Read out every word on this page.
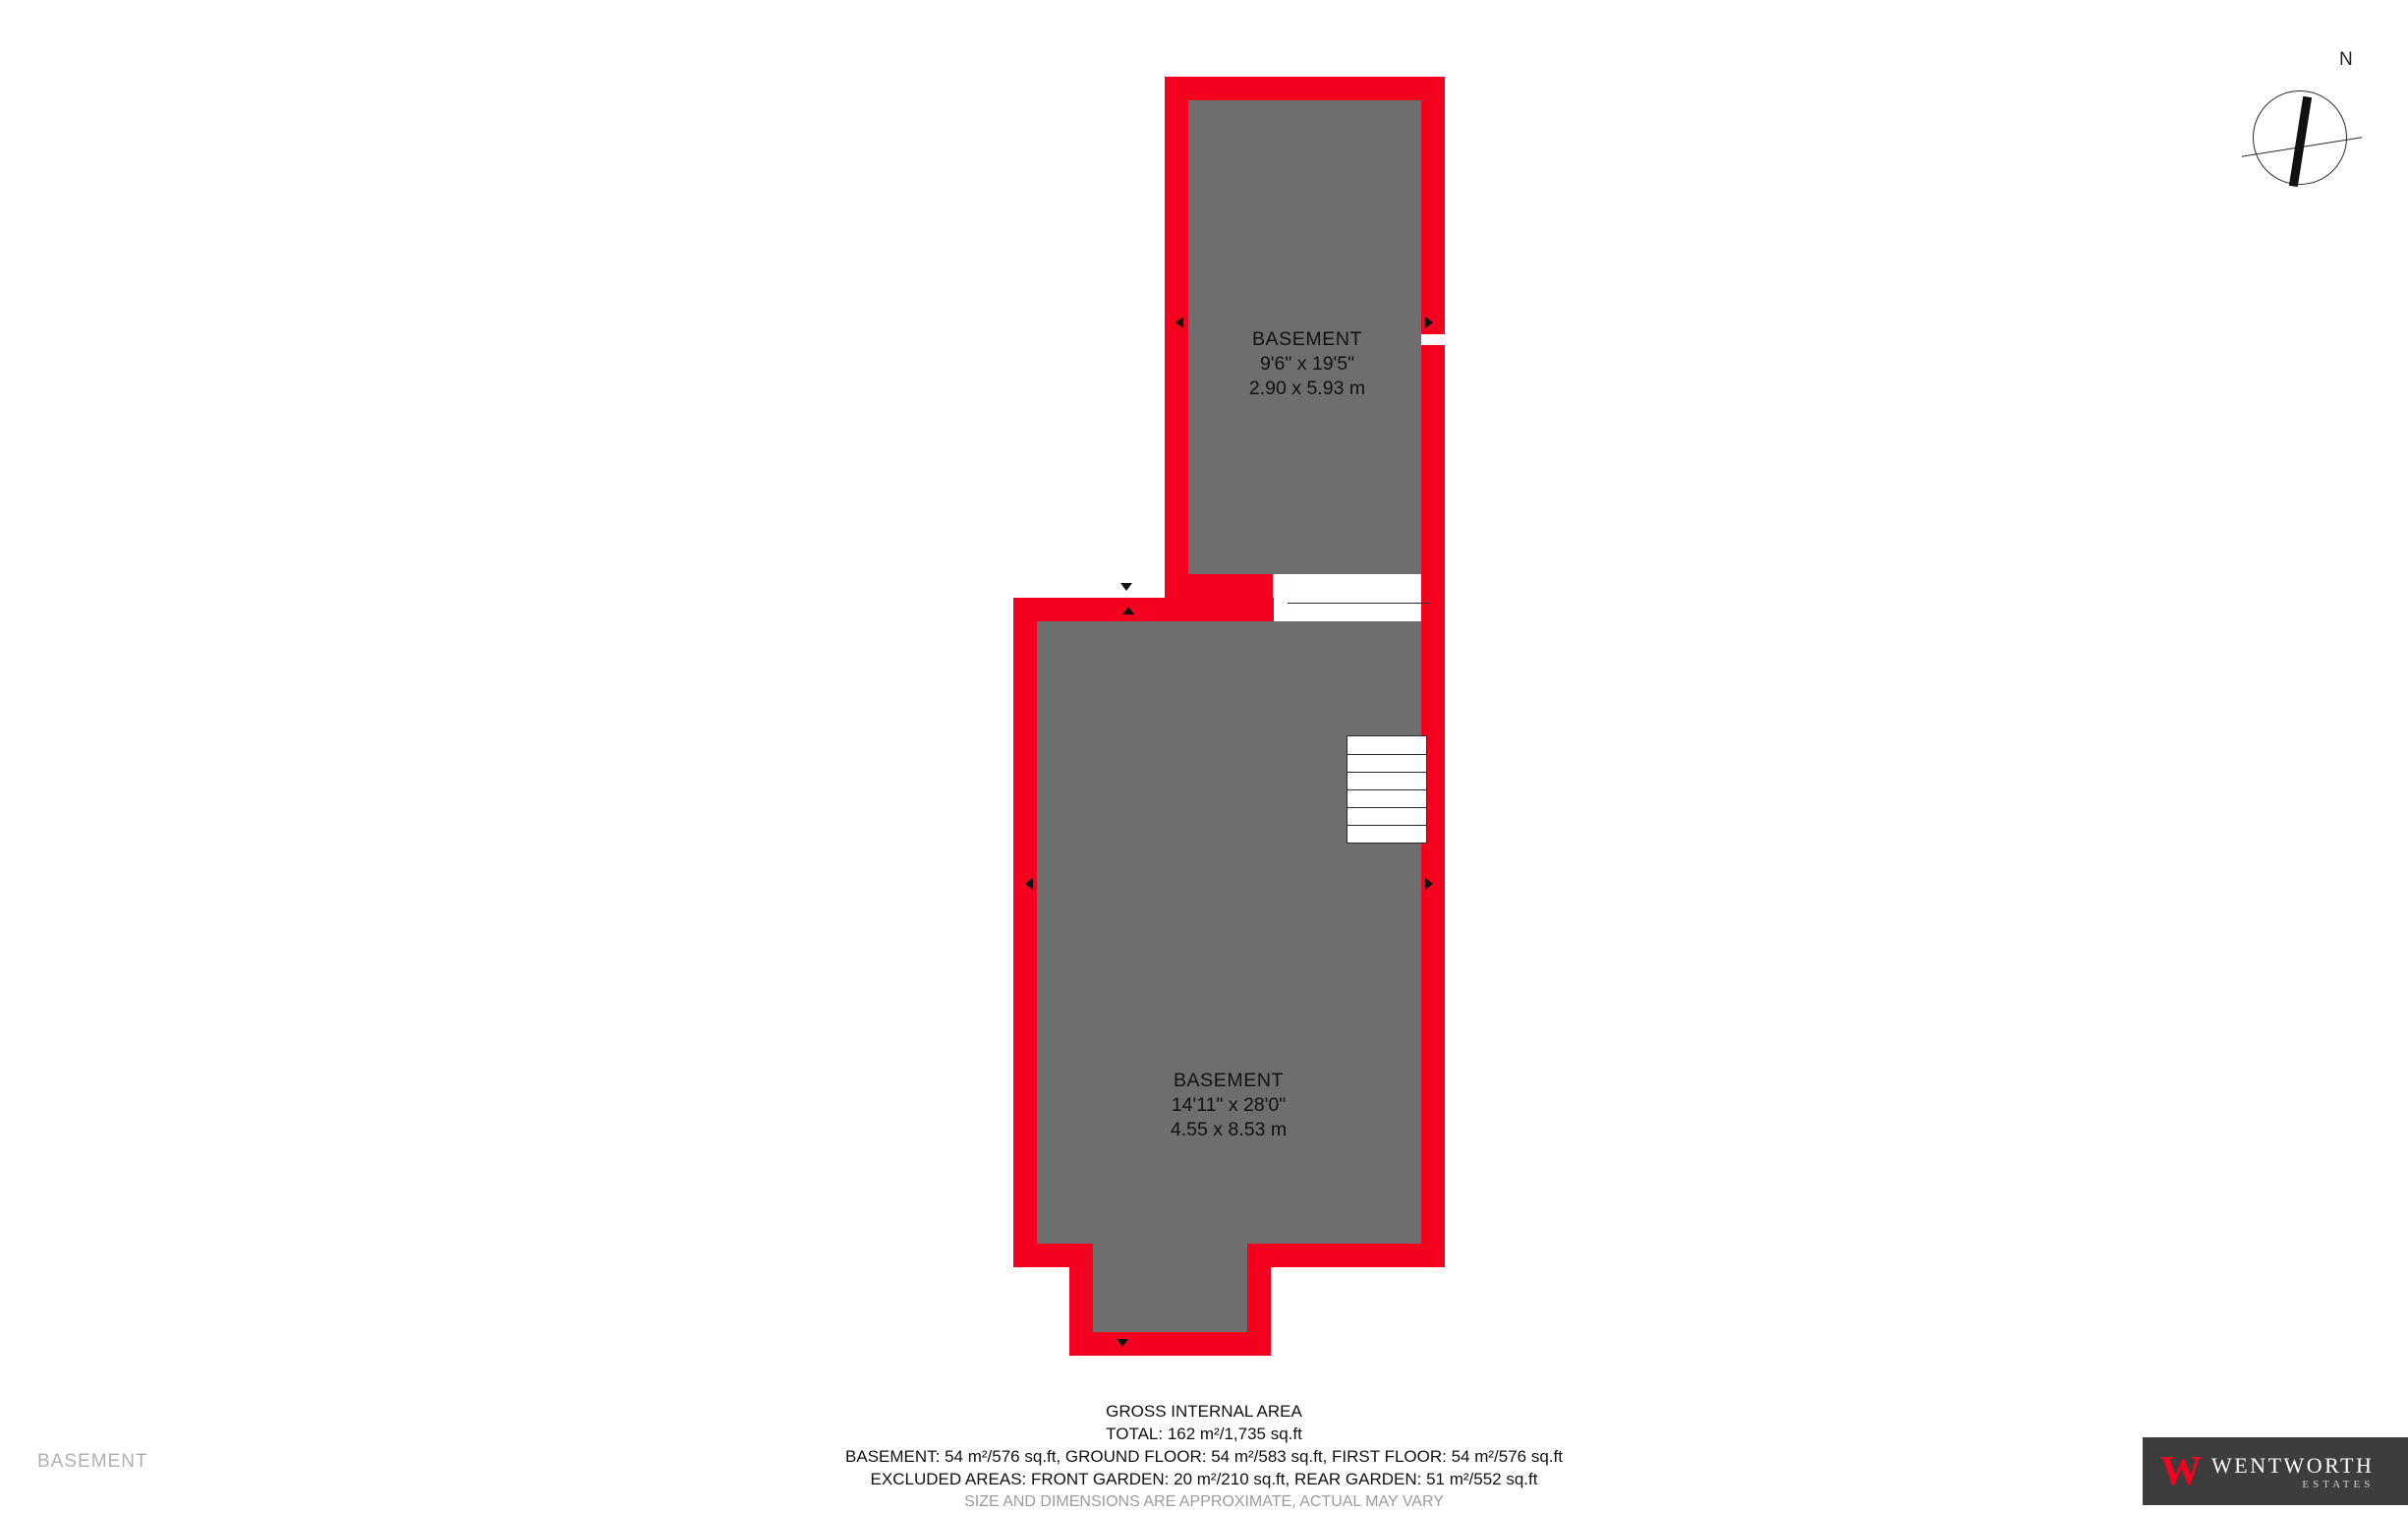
N
BASEMENT
9'6" x 19'5"
2.90 x 5.93 m
BASEMENT
14'11" x 28'0"
4.55 x 8.53 m
GROSS INTERNAL AREA
TOTAL: 162 m²/1,735 sq.ft
BASEMENT: 54 m²/576 sq.ft, GROUND FLOOR: 54 m²/583 sq.ft, FIRST FLOOR: 54 m²/576 sq.ft
EXCLUDED AREAS: FRONT GARDEN: 20 m²/210 sq.ft, REAR GARDEN: 51 m²/552 sq.ft
SIZE AND DIMENSIONS ARE APPROXIMATE, ACTUAL MAY VARY
BASEMENT	W WENTWORTH
ESTATES
